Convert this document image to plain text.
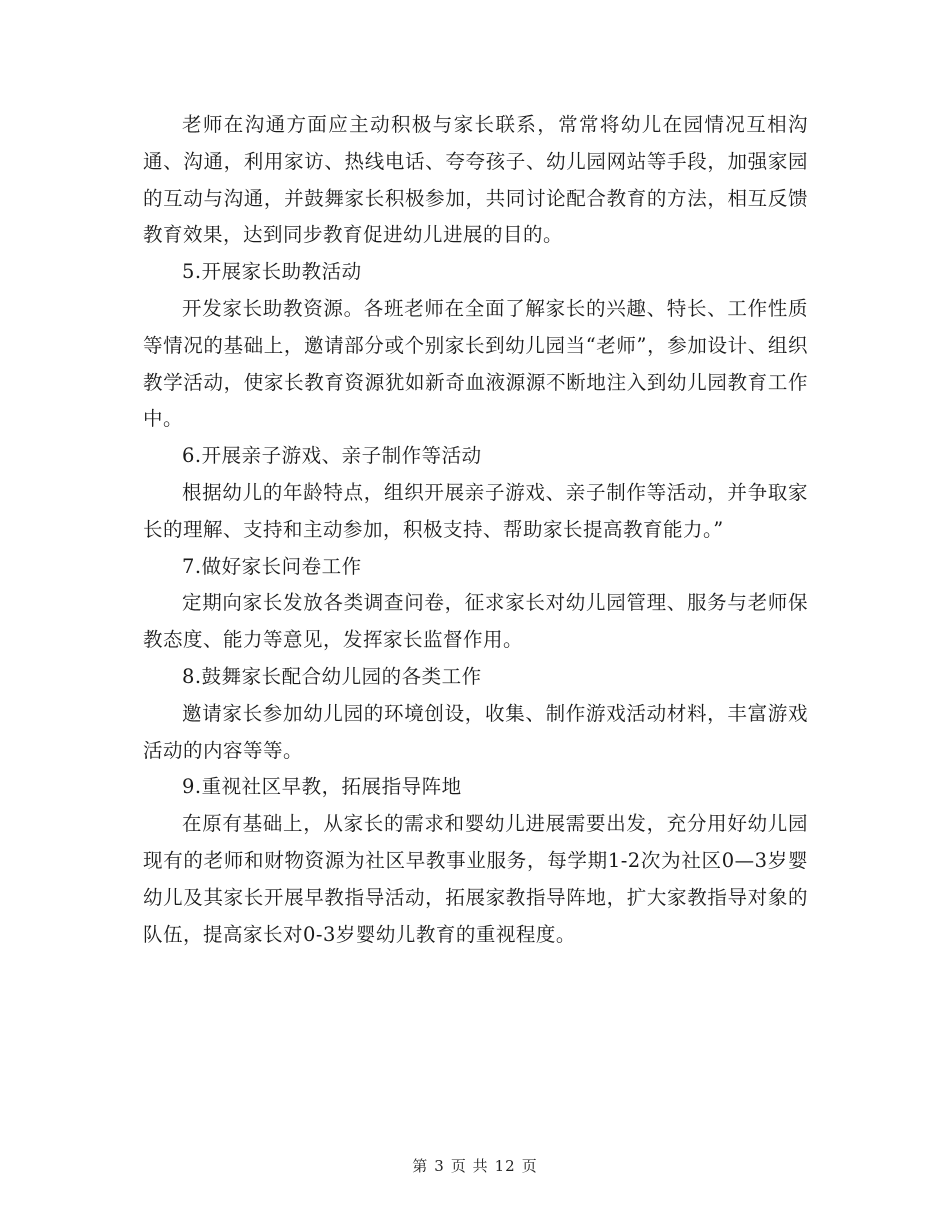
老师在沟通方面应主动积极与家长联系，常常将幼儿在园情况互相沟通、沟通，利用家访、热线电话、夸夸孩子、幼儿园网站等手段，加强家园的互动与沟通，并鼓舞家长积极参加，共同讨论配合教育的方法，相互反馈教育效果，达到同步教育促进幼儿进展的目的。

5.开展家长助教活动

开发家长助教资源。各班老师在全面了解家长的兴趣、特长、工作性质等情况的基础上，邀请部分或个别家长到幼儿园当“老师”，参加设计、组织教学活动，使家长教育资源犹如新奇血液源源不断地注入到幼儿园教育工作中。

6.开展亲子游戏、亲子制作等活动

根据幼儿的年龄特点，组织开展亲子游戏、亲子制作等活动，并争取家长的理解、支持和主动参加，积极支持、帮助家长提高教育能力。”

7.做好家长问卷工作

定期向家长发放各类调查问卷，征求家长对幼儿园管理、服务与老师保教态度、能力等意见，发挥家长监督作用。

8.鼓舞家长配合幼儿园的各类工作

邀请家长参加幼儿园的环境创设，收集、制作游戏活动材料，丰富游戏活动的内容等等。

9.重视社区早教，拓展指导阵地

在原有基础上，从家长的需求和婴幼儿进展需要出发，充分用好幼儿园现有的老师和财物资源为社区早教事业服务，每学期1-2次为社区0—3岁婴幼儿及其家长开展早教指导活动，拓展家教指导阵地，扩大家教指导对象的队伍，提高家长对0-3岁婴幼儿教育的重视程度。

第 3 页 共 12 页
